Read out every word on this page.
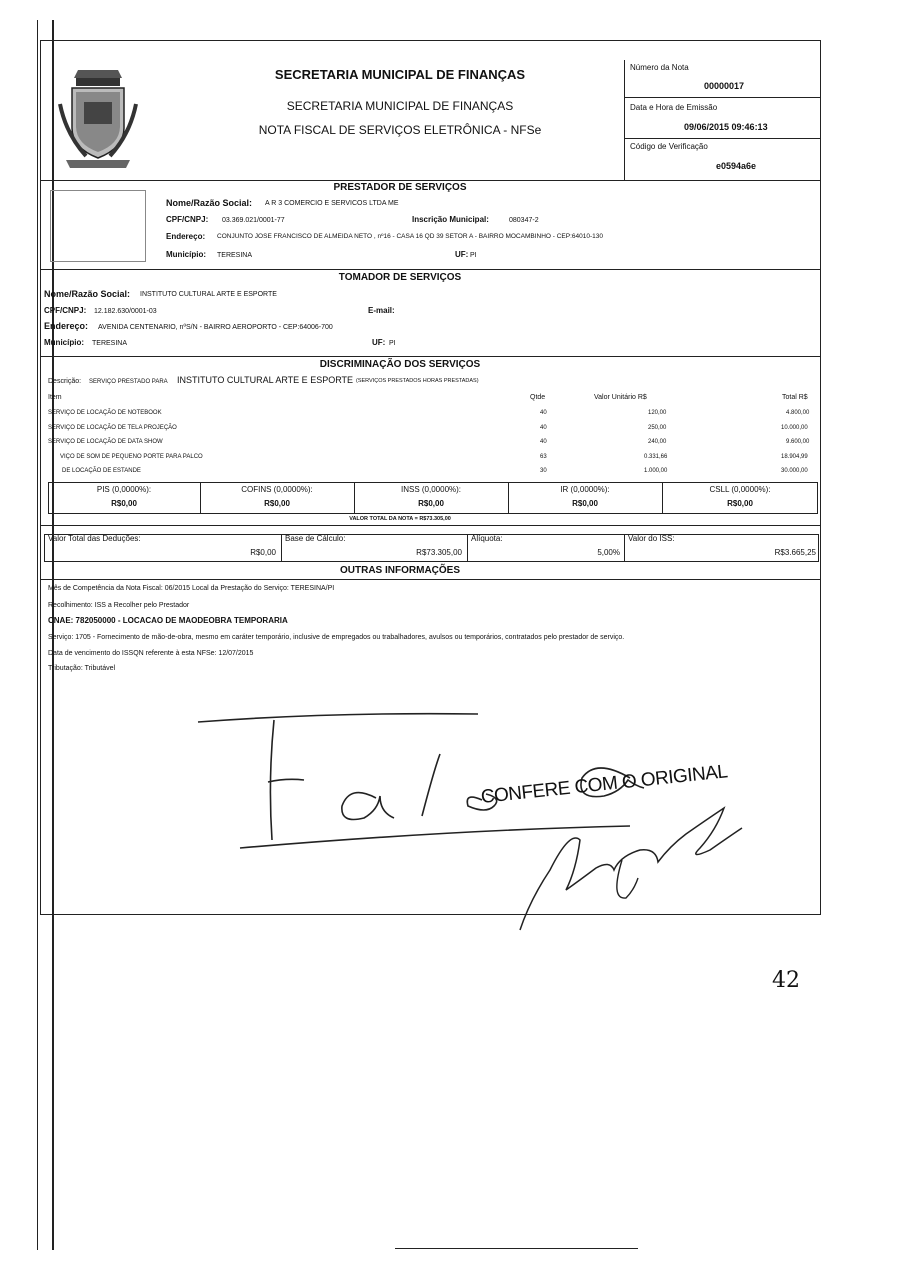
SECRETARIA MUNICIPAL DE FINANÇAS
SECRETARIA MUNICIPAL DE FINANÇAS
NOTA FISCAL DE SERVIÇOS ELETRÔNICA - NFSe
Número da Nota
00000017
Data e Hora de Emissão
09/06/2015 09:46:13
Código de Verificação
e0594a6e
PRESTADOR DE SERVIÇOS
Nome/Razão Social: A R 3 COMERCIO E SERVICOS LTDA ME
CPF/CNPJ: 03.369.021/0001-77	Inscrição Municipal:	080347-2
Endereço: CONJUNTO JOSE FRANCISCO DE ALMEIDA NETO , nº16 - CASA 16 QD 39 SETOR A - BAIRRO MOCAMBINHO - CEP:64010-130
Município: TERESINA	UF: PI
TOMADOR DE SERVIÇOS
Nome/Razão Social: INSTITUTO CULTURAL ARTE E ESPORTE
CPF/CNPJ: 12.182.630/0001-03	E-mail:
Endereço: AVENIDA CENTENARIO, nºS/N - BAIRRO AEROPORTO - CEP:64006-700
Município: TERESINA	UF: PI
DISCRIMINAÇÃO DOS SERVIÇOS
Descrição: SERVIÇO PRESTADO PARA INSTITUTO CULTURAL ARTE E ESPORTE (SERVIÇOS PRESTADOS HORAS PRESTADAS)
Item	Qtde	Valor Unitário R$	Total R$
SERVIÇO DE LOCAÇÃO DE NOTEBOOK	40	120,00	4.800,00
SERVIÇO DE LOCAÇÃO DE TELA PROJEÇÃO	40	250,00	10.000,00
SERVIÇO DE LOCAÇÃO DE DATA SHOW	40	240,00	9.600,00
VIÇO DE SOM DE PEQUENO PORTE PARA PALCO	63	0.331,66	18.904,99
DE LOCAÇÃO DE ESTANDE	30	1.000,00	30.000,00
PIS (0,0000%):
R$0,00
COFINS (0,0000%):
R$0,00
INSS (0,0000%):
R$0,00
IR (0,0000%):
R$0,00
CSLL (0,0000%):
R$0,00
VALOR TOTAL DA NOTA = R$73.305,00
Valor Total das Deduções:
R$0,00
Base de Cálculo:
R$73.305,00
Alíquota:
5,00%
Valor do ISS:
R$3.665,25
OUTRAS INFORMAÇÕES
Mês de Competência da Nota Fiscal: 06/2015 Local da Prestação do Serviço: TERESINA/PI
Recolhimento: ISS a Recolher pelo Prestador
CNAE: 782050000 - LOCACAO DE MAODEOBRA TEMPORARIA
Serviço: 1705 - Fornecimento de mão-de-obra, mesmo em caráter temporário, inclusive de empregados ou trabalhadores, avulsos ou temporários, contratados pelo prestador de serviço.
Data de vencimento do ISSQN referente à esta NFSe: 12/07/2015
Tributação: Tributável
CONFERE COM O ORIGINAL
42
